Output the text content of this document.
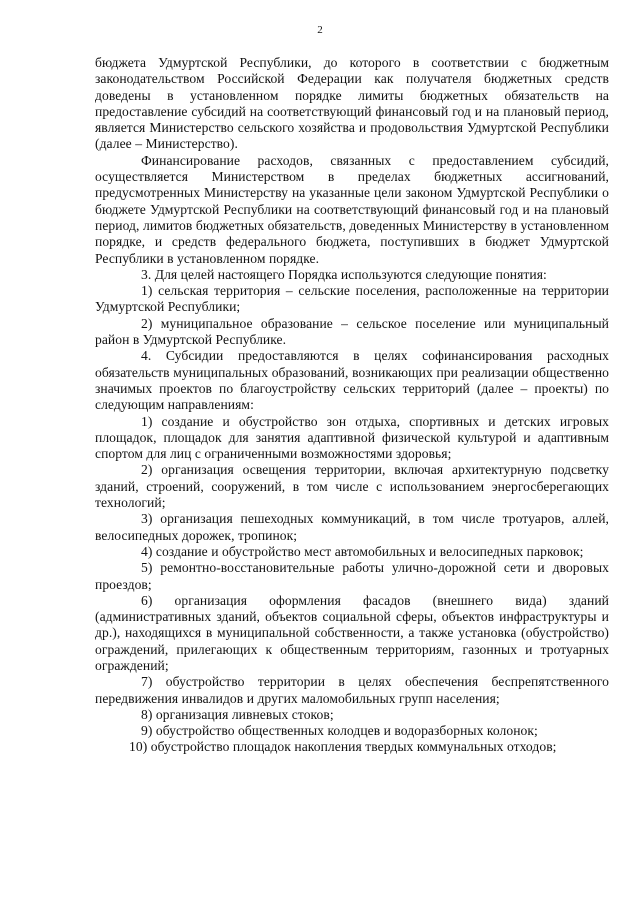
2

бюджета Удмуртской Республики, до которого в соответствии с бюджетным законодательством Российской Федерации как получателя бюджетных средств доведены в установленном порядке лимиты бюджетных обязательств на предоставление субсидий на соответствующий финансовый год и на плановый период, является Министерство сельского хозяйства и продовольствия Удмуртской Республики (далее – Министерство).

Финансирование расходов, связанных с предоставлением субсидий, осуществляется Министерством в пределах бюджетных ассигнований, предусмотренных Министерству на указанные цели законом Удмуртской Республики о бюджете Удмуртской Республики на соответствующий финансовый год и на плановый период, лимитов бюджетных обязательств, доведенных Министерству в установленном порядке, и средств федерального бюджета, поступивших в бюджет Удмуртской Республики в установленном порядке.

3. Для целей настоящего Порядка используются следующие понятия:

1) сельская территория – сельские поселения, расположенные на территории Удмуртской Республики;

2) муниципальное образование – сельское поселение или муниципальный район в Удмуртской Республике.

4. Субсидии предоставляются в целях софинансирования расходных обязательств муниципальных образований, возникающих при реализации общественно значимых проектов по благоустройству сельских территорий (далее – проекты) по следующим направлениям:

1) создание и обустройство зон отдыха, спортивных и детских игровых площадок, площадок для занятия адаптивной физической культурой и адаптивным спортом для лиц с ограниченными возможностями здоровья;

2) организация освещения территории, включая архитектурную подсветку зданий, строений, сооружений, в том числе с использованием энергосберегающих технологий;

3) организация пешеходных коммуникаций, в том числе тротуаров, аллей, велосипедных дорожек, тропинок;

4) создание и обустройство мест автомобильных и велосипедных парковок;

5) ремонтно-восстановительные работы улично-дорожной сети и дворовых проездов;

6) организация оформления фасадов (внешнего вида) зданий (административных зданий, объектов социальной сферы, объектов инфраструктуры и др.), находящихся в муниципальной собственности, а также установка (обустройство) ограждений, прилегающих к общественным территориям, газонных и тротуарных ограждений;

7) обустройство территории в целях обеспечения беспрепятственного передвижения инвалидов и других маломобильных групп населения;

8) организация ливневых стоков;

9) обустройство общественных колодцев и водоразборных колонок;

10) обустройство площадок накопления твердых коммунальных отходов;
